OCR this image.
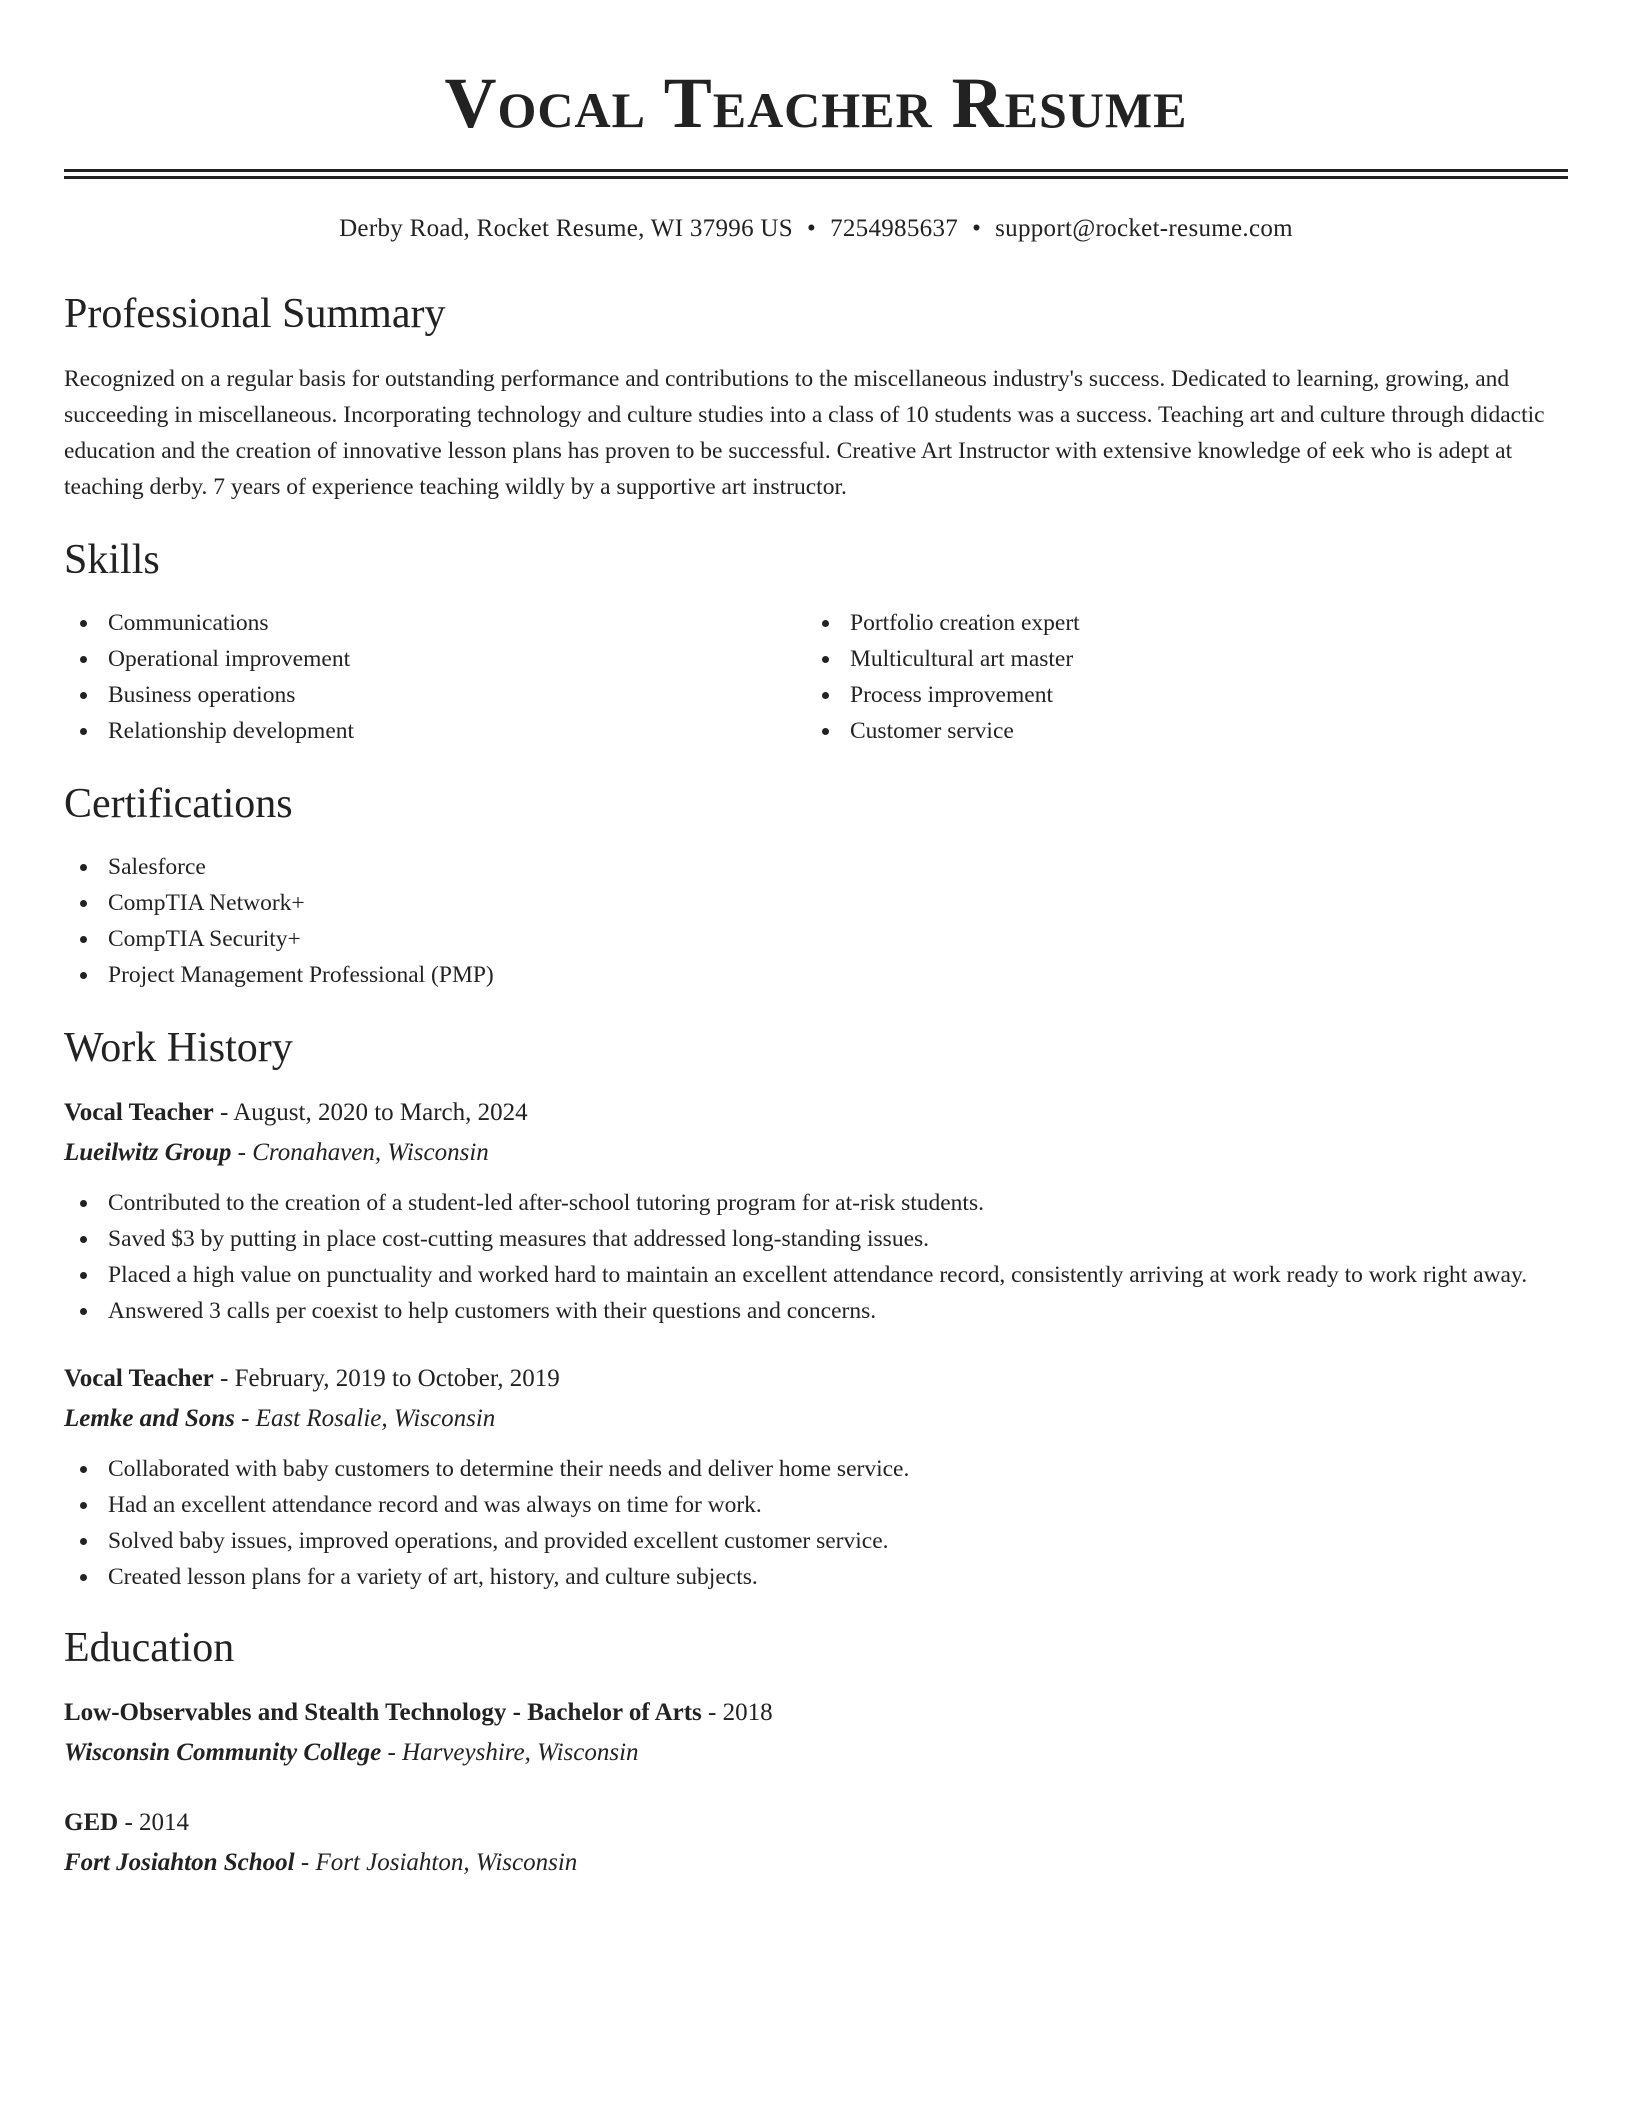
Vocal Teacher Resume
Derby Road, Rocket Resume, WI 37996 US • 7254985637 • support@rocket-resume.com
Professional Summary

Recognized on a regular basis for outstanding performance and contributions to the miscellaneous industry's success. Dedicated to learning, growing, and succeeding in miscellaneous. Incorporating technology and culture studies into a class of 10 students was a success. Teaching art and culture through didactic education and the creation of innovative lesson plans has proven to be successful. Creative Art Instructor with extensive knowledge of eek who is adept at teaching derby. 7 years of experience teaching wildly by a supportive art instructor.

Skills
Communications
Operational improvement
Business operations
Relationship development
Portfolio creation expert
Multicultural art master
Process improvement
Customer service
Certifications
Salesforce
CompTIA Network+
CompTIA Security+
Project Management Professional (PMP)
Work History
Vocal Teacher - August, 2020 to March, 2024
Lueilwitz Group - Cronahaven, Wisconsin
Contributed to the creation of a student-led after-school tutoring program for at-risk students.
Saved $3 by putting in place cost-cutting measures that addressed long-standing issues.
Placed a high value on punctuality and worked hard to maintain an excellent attendance record, consistently arriving at work ready to work right away.
Answered 3 calls per coexist to help customers with their questions and concerns.
Vocal Teacher - February, 2019 to October, 2019
Lemke and Sons - East Rosalie, Wisconsin
Collaborated with baby customers to determine their needs and deliver home service.
Had an excellent attendance record and was always on time for work.
Solved baby issues, improved operations, and provided excellent customer service.
Created lesson plans for a variety of art, history, and culture subjects.
Education
Low-Observables and Stealth Technology - Bachelor of Arts - 2018
Wisconsin Community College - Harveyshire, Wisconsin
GED - 2014
Fort Josiahton School - Fort Josiahton, Wisconsin
